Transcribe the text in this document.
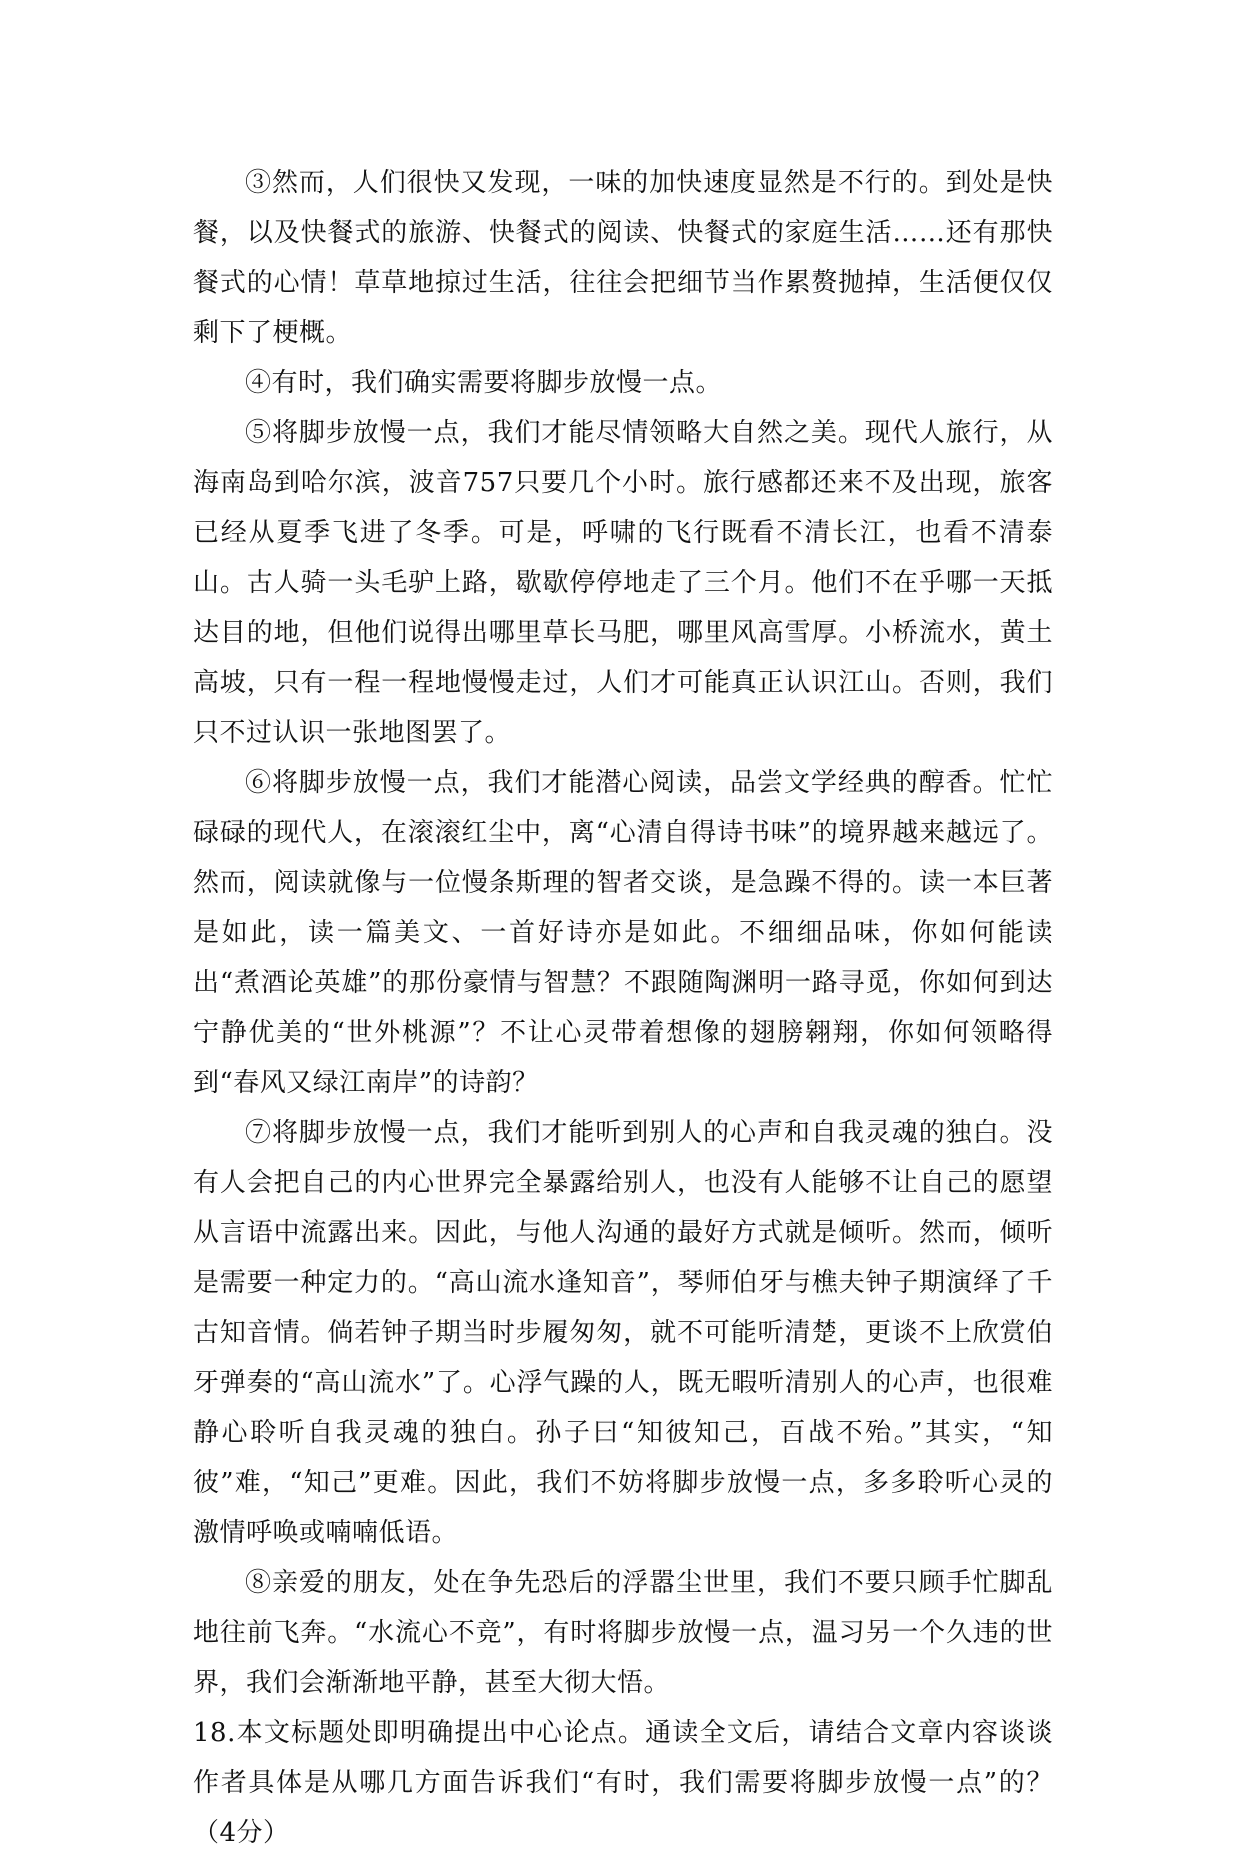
③然而，人们很快又发现，一味的加快速度显然是不行的。到处是快餐，以及快餐式的旅游、快餐式的阅读、快餐式的家庭生活……还有那快餐式的心情！草草地掠过生活，往往会把细节当作累赘抛掉，生活便仅仅剩下了梗概。

④有时，我们确实需要将脚步放慢一点。

⑤将脚步放慢一点，我们才能尽情领略大自然之美。现代人旅行，从海南岛到哈尔滨，波音757只要几个小时。旅行感都还来不及出现，旅客已经从夏季飞进了冬季。可是，呼啸的飞行既看不清长江，也看不清泰山。古人骑一头毛驴上路，歇歇停停地走了三个月。他们不在乎哪一天抵达目的地，但他们说得出哪里草长马肥，哪里风高雪厚。小桥流水，黄土高坡，只有一程一程地慢慢走过，人们才可能真正认识江山。否则，我们只不过认识一张地图罢了。

⑥将脚步放慢一点，我们才能潜心阅读，品尝文学经典的醇香。忙忙碌碌的现代人，在滚滚红尘中，离“心清自得诗书味”的境界越来越远了。然而，阅读就像与一位慢条斯理的智者交谈，是急躁不得的。读一本巨著是如此，读一篇美文、一首好诗亦是如此。不细细品味，你如何能读出“煮酒论英雄”的那份豪情与智慧？不跟随陶渊明一路寻觅，你如何到达宁静优美的“世外桃源”？不让心灵带着想像的翅膀翱翔，你如何领略得到“春风又绿江南岸”的诗韵？

⑦将脚步放慢一点，我们才能听到别人的心声和自我灵魂的独白。没有人会把自己的内心世界完全暴露给别人，也没有人能够不让自己的愿望从言语中流露出来。因此，与他人沟通的最好方式就是倾听。然而，倾听是需要一种定力的。“高山流水逢知音”，琴师伯牙与樵夫钟子期演绎了千古知音情。倘若钟子期当时步履匆匆，就不可能听清楚，更谈不上欣赏伯牙弹奏的“高山流水”了。心浮气躁的人，既无暇听清别人的心声，也很难静心聆听自我灵魂的独白。孙子曰“知彼知己，百战不殆。”其实，“知彼”难，“知己”更难。因此，我们不妨将脚步放慢一点，多多聆听心灵的激情呼唤或喃喃低语。

⑧亲爱的朋友，处在争先恐后的浮嚣尘世里，我们不要只顾手忙脚乱地往前飞奔。“水流心不竞”，有时将脚步放慢一点，温习另一个久违的世界，我们会渐渐地平静，甚至大彻大悟。

18.本文标题处即明确提出中心论点。通读全文后，请结合文章内容谈谈作者具体是从哪几方面告诉我们“有时，我们需要将脚步放慢一点”的？（4分）
